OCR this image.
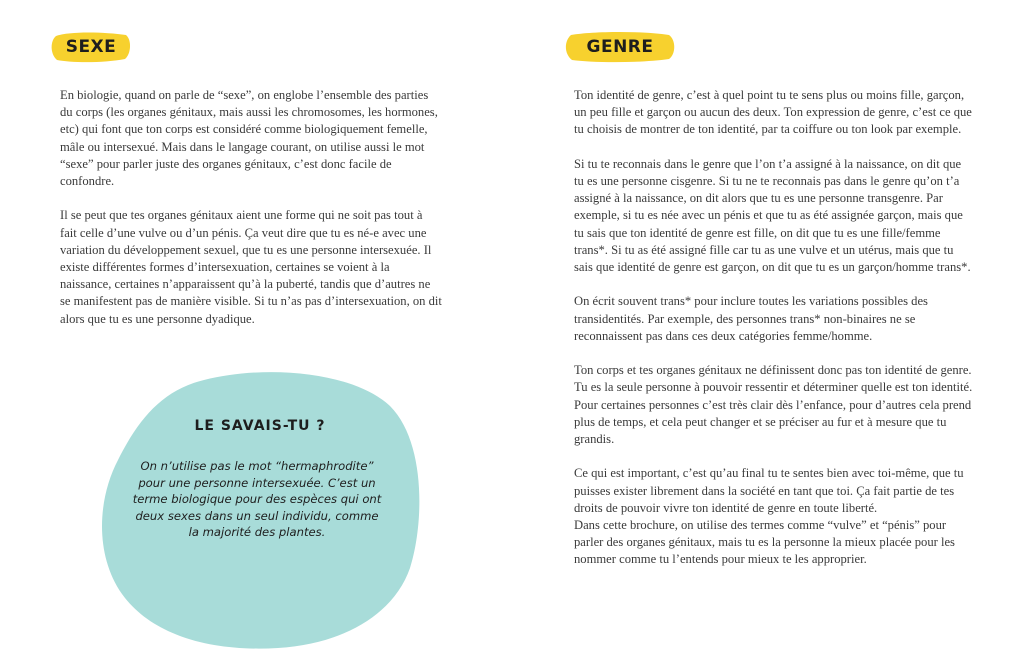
SEXE

En biologie, quand on parle de “sexe”, on englobe l’ensemble des parties du corps (les organes génitaux, mais aussi les chromosomes, les hormones, etc) qui font que ton corps est considéré comme biologiquement femelle, mâle ou intersexué. Mais dans le langage courant, on utilise aussi le mot “sexe” pour parler juste des organes génitaux, c’est donc facile de confondre.

Il se peut que tes organes génitaux aient une forme qui ne soit pas tout à fait celle d’une vulve ou d’un pénis. Ça veut dire que tu es né-e avec une variation du développement sexuel, que tu es une personne intersexuée. Il existe différentes formes d’intersexuation, certaines se voient à la naissance, certaines n’apparaissent qu’à la puberté, tandis que d’autres ne se manifestent pas de manière visible. Si tu n’as pas d’intersexuation, on dit alors que tu es une personne dyadique.

LE SAVAIS-TU ?
On n’utilise pas le mot “hermaphrodite” pour une personne intersexuée. C’est un terme biologique pour des espèces qui ont deux sexes dans un seul individu, comme la majorité des plantes.
GENRE

Ton identité de genre, c’est à quel point tu te sens plus ou moins fille, garçon, un peu fille et garçon ou aucun des deux. Ton expression de genre, c’est ce que tu choisis de montrer de ton identité, par ta coiffure ou ton look par exemple.

Si tu te reconnais dans le genre que l’on t’a assigné à la naissance, on dit que tu es une personne cisgenre. Si tu ne te reconnais pas dans le genre qu’on t’a assigné à la naissance, on dit alors que tu es une personne transgenre. Par exemple, si tu es née avec un pénis et que tu as été assignée garçon, mais que tu sais que ton identité de genre est fille, on dit que tu es une fille/femme trans*. Si tu as été assigné fille car tu as une vulve et un utérus, mais que tu sais que identité de genre est garçon, on dit que tu es un garçon/homme trans*.

On écrit souvent trans* pour inclure toutes les variations possibles des transidentités. Par exemple, des personnes trans* non-binaires ne se reconnaissent pas dans ces deux catégories femme/homme.

Ton corps et tes organes génitaux ne définissent donc pas ton identité de genre. Tu es la seule personne à pouvoir ressentir et déterminer quelle est ton identité. Pour certaines personnes c’est très clair dès l’enfance, pour d’autres cela prend plus de temps, et cela peut changer et se préciser au fur et à mesure que tu grandis.

Ce qui est important, c’est qu’au final tu te sentes bien avec toi-même, que tu puisses exister librement dans la société en tant que toi. Ça fait partie de tes droits de pouvoir vivre ton identité de genre en toute liberté.
Dans cette brochure, on utilise des termes comme “vulve” et “pénis” pour parler des organes génitaux, mais tu es la personne la mieux placée pour les nommer comme tu l’entends pour mieux te les approprier.
